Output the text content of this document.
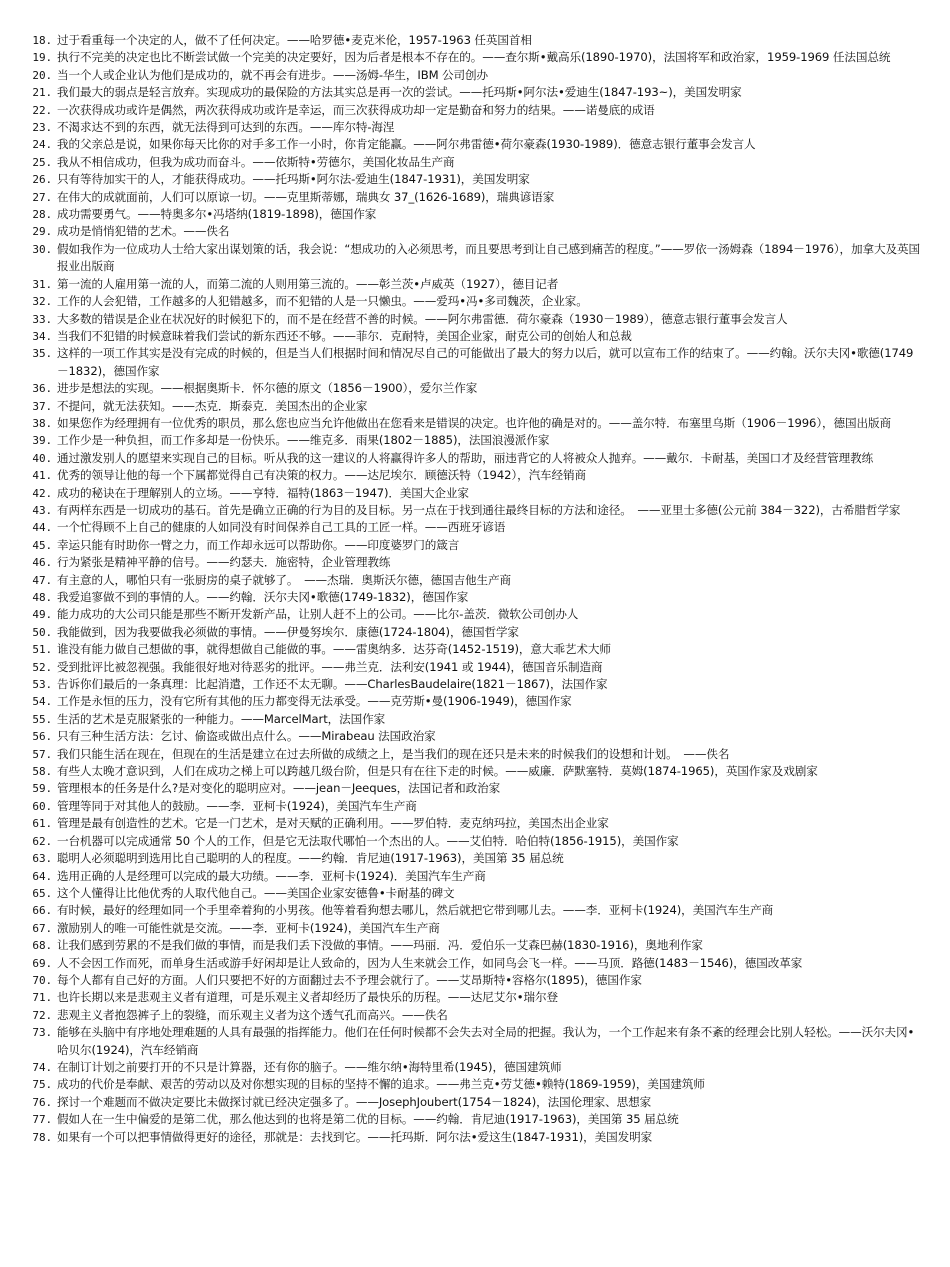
18. 过于看重每一个决定的人，做不了任何决定。——哈罗德•麦克米伦，1957-1963 任英国首相
19. 执行不完美的决定也比不断尝试做一个完美的决定要好，因为后者是根本不存在的。——查尔斯•戴高乐(1890-1970)，法国将军和政治家，1959-1969 任法国总统
20. 当一个人或企业认为他们是成功的，就不再会有进步。——汤姆-华生，IBM 公司创办
21. 我们最大的弱点是轻言放弃。实现成功的最保险的方法其实总是再一次的尝试。——托玛斯•阿尔法•爱迪生(1847-193~)，美国发明家
22. 一次获得成功或许是偶然，两次获得成功或许是幸运，而三次获得成功却一定是勤奋和努力的结果。——诺曼底的成语
23. 不渴求达不到的东西，就无法得到可达到的东西。——库尔特-海涅
24. 我的父亲总是说，如果你每天比你的对手多工作一小时，你肯定能赢。——阿尔弗雷德•荷尔豪森(1930-1989)．德意志银行董事会发言人
25. 我从不相信成功，但我为成功而奋斗。——依斯特•劳德尔，美国化妆品生产商
26. 只有等待加实干的人，才能获得成功。——托玛斯•阿尔法-爱迪生(1847-1931)，美国发明家
27. 在伟大的成就面前，人们可以原谅一切。——克里斯蒂娜，瑞典女 37_(1626-1689)，瑞典谚语家
28. 成功需要勇气。——特奥多尔•冯塔纳(1819-1898)，德国作家
29. 成功是悄悄犯错的艺术。——佚名
30. 假如我作为一位成功人士给大家出谋划策的话，我会说：“想成功的入必须思考，而且要思考到让自己感到痛苦的程度。”——罗依一汤姆森（1894－1976），加拿大及英国报业出版商
31. 第一流的人雇用第一流的人，而第二流的人则用第三流的。——彰兰茨•卢威英（1927），德目记者
32. 工作的人会犯错，工作越多的人犯错越多，而不犯错的人是一只懒虫。——爱玛•冯•多司魏茨，企业家。
33. 大多数的错误是企业在状况好的时候犯下的，而不是在经营不善的时候。——阿尔弗雷德．荷尔豪森（1930－1989），德意志银行董事会发言人
34. 当我们不犯错的时候意昧着我们尝试的新东西还不够。——菲尔．克耐特，美国企业家，耐克公司的创始人和总裁
35. 这样的一项工作其实是没有完成的时候的，但是当人们根据时间和情况尽自己的可能做出了最大的努力以后，就可以宣布工作的结束了。——约翰。沃尔夫冈•歌德(1749－1832)，德国作家
36. 进步是想法的实现。——根据奥斯卡．怀尔德的原文（1856－1900），爱尔兰作家
37. 不提问，就无法获知。——杰克．斯泰克．美国杰出的企业家
38. 如果您作为经理拥有一位优秀的职员，那么您也应当允许他做出在您看来是错误的决定。也许他的确是对的。——盖尔特．布塞里乌斯（1906－1996），德国出版商
39. 工作少是一种负担，而工作多却是一份快乐。——维克多．雨果(1802－1885)，法国浪漫派作家
40. 通过激发别人的愿望来实现自己的目标。听从我的这一建议的人将赢得许多人的帮助，丽违背它的人将被众人抛弃。——戴尔．卡耐基，美国口才及经营管理教练
41. 优秀的领导让他的每一个下属都觉得自己有决策的权力。——达尼埃尔．顾德沃特（1942），汽车经销商
42. 成功的秘诀在于理解别人的立场。——亨特．福特(1863－1947)．美国大企业家
43. 有两样东西是一切成功的基石。首先是确立正确的行为目的及目标。另一点在于找到通往最终目标的方法和途径。　——亚里士多德(公元前 384－322)，古希腊哲学家
44. 一个忙得顾不上自己的健康的人如同没有时间保养自己工具的工匠一样。——西班牙谚语
45. 幸运只能有时助你一臂之力，而工作却永远可以帮助你。——印度婆罗门的箴言
46. 行为紧张是精神平静的信号。——约瑟夫．施密特，企业管理教练
47. 有主意的人，哪怕只有一张厨房的桌子就够了。　——杰瑞．奥斯沃尔德，德国吉他生产商
48. 我爱追寥做不到的事情的人。——约翰．沃尔夫冈•歌德(1749-1832)，德国作家
49. 能力成功的大公司只能是那些不断开发新产品，让别人赶不上的公司。——比尔-盖茨．微软公司创办人
50. 我能做到，因为我要做我必须做的事情。——伊曼努埃尔．康德(1724-1804)，德国哲学家
51. 谁没有能力做自己想做的事，就得想做自己能做的事。——雷奥纳多．达芬奇(1452-1519)，意大乖艺术大师
52. 受到批评比被忽视强。我能很好地对待恶劣的批评。——弗兰克．法利安(1941 或 1944)，德国音乐制造商
53. 告诉你们最后的一条真理：比起消遣，工作还不太无聊。——CharlesBaudelaire(1821－1867)，法国作家
54. 工作是永恒的压力，没有它所有其他的压力都变得无法承受。——克劳斯•曼(1906-1949)，德国作家
55. 生活的艺术是克服紧张的一种能力。——MarcelMart，法国作家
56. 只有三种生活方法：乞讨、偷盗或做出点什么。——Mirabeau 法国政治家
57. 我们只能生活在现在，但现在的生活是建立在过去所做的成绩之上，是当我们的现在还只是未来的时候我们的设想和计划。　——佚名
58. 有些人太晚才意识到，人们在成功之梯上可以跨越几级台阶，但是只有在往下走的时候。——威廉．萨默塞特．莫姆(1874-1965)，英国作家及戏剧家
59. 管理根本的任务是什么?是对变化的聪明应对。——jean－Jeeques，法国记者和政治家
60. 管理等同于对其他人的鼓励。——李．亚柯卡(1924)，美国汽车生产商
61. 管理是最有创造性的艺术。它是一门艺术，是对天赋的正确利用。——罗伯特．麦克纳玛拉，美国杰出企业家
62. 一台机器可以完成通常 50 个人的工作，但是它无法取代哪怕一个杰出的人。——艾伯特．哈伯特(1856-1915)，美国作家
63. 聪明人必须聪明到选用比自己聪明的人的程度。——约翰．肯尼迪(1917-1963)，美国第 35 届总统
64. 选用正确的人是经理可以完成的最大功绩。——李．亚柯卡(1924)．美国汽车生产商
65. 这个人懂得让比他优秀的人取代他自己。——美国企业家安德鲁•卡耐基的碑文
66. 有时候，最好的经理如同一个手里牵着狗的小男孩。他等着看狗想去哪儿，然后就把它带到哪儿去。——李．亚柯卡(1924)，美国汽车生产商
67. 激励别人的唯一可能性就是交流。——李．亚柯卡(1924)，美国汽车生产商
68. 让我们感到劳累的不是我们做的事情，而是我们丢下没做的事情。——玛丽．冯．爱伯乐一艾森巴赫(1830-1916)，奥地利作家
69. 人不会因工作而死，而单身生活或游手好闲却是让人致命的，因为人生来就会工作，如同鸟会飞一样。——马顶．路德(1483－1546)，德国改革家
70. 每个人都有自己好的方面。人们只要把不好的方面翻过去不予理会就行了。——艾昂斯特•容格尔(1895)，德国作家
71. 也许长期以来是悲观主义者有道理，可是乐观主义者却经历了最快乐的历程。——达尼艾尔•瑞尔登
72. 悲观主义者抱怨裤子上的裂缝，而乐观主义者为这个透气孔而高兴。——佚名
73. 能够在头脑中有序地处理难题的人具有最强的指挥能力。他们在任何时候都不会失去对全局的把握。我认为，一个工作起来有条不紊的经理会比别人轻松。——沃尔夫冈•哈贝尔(1924)，汽车经销商
74. 在制订计划之前要打开的不只是计算器，还有你的脑子。——维尔纳•海特里希(1945)，德国建筑师
75. 成功的代价是奉献、艰苦的劳动以及对你想实现的目标的坚持不懈的追求。——弗兰克•劳艾德•赖特(1869-1959)，美国建筑师
76. 探讨一个难题而不做决定要比未做探讨就已经决定强多了。——JosephJoubert(1754－1824)，法国伦理家、思想家
77. 假如人在一生中偏爱的是第二优，那么他达到的也将是第二优的目标。——约翰．肯尼迪(1917-1963)，美国第 35 届总统
78. 如果有一个可以把事情做得更好的途径，那就是：去找到它。——托玛斯．阿尔法•爱这生(1847-1931)，美国发明家
